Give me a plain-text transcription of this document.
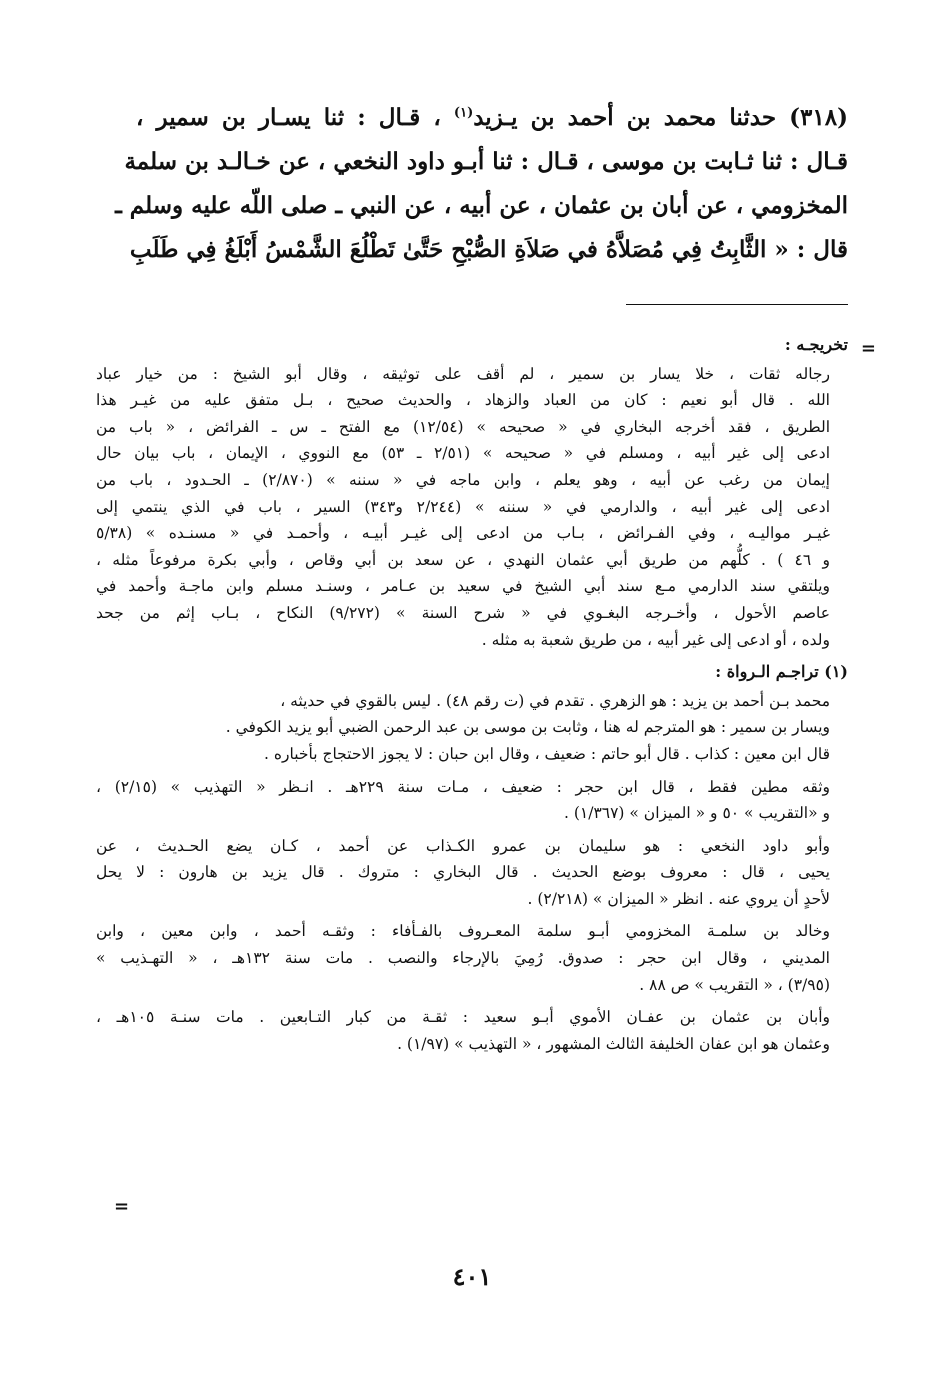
(٣١٨) حدثنا محمد بن أحمد بن يـزيد$^{(١)}$ ، قـال : ثنا يسـار بن سمير ،
قـال : ثنا ثـابت بن موسى ، قـال : ثنا أبـو داود النخعي ، عن خـالـد بن سلمة
المخزومي ، عن أبان بن عثمان ، عن أبيه ، عن النبي ـ صلى اللّه عليه وسلم ـ
قال : « الثَّابِتُ فِي مُصَلاَّهُ في صَلاَةِ الصُّبْحِ حَتَّىٰ تَطْلُعَ الشَّمْسُ أَبْلَغُ فِي طَلَبِ
=
تخريجـه :
رجاله ثقات ، خلا يسار بن سمير ، لم أقف على توثيقه ، وقال أبو الشيخ : من خيار عباد
الله . قال أبو نعيم : كان من العباد والزهاد ، والحديث صحيح ، بـل متفق عليه من غيـر هذا
الطريق ، فقد أخرجه البخاري في « صحيحه » (١٢/٥٤) مع الفتح ـ س ـ الفرائض ، « باب من
ادعى إلى غير أبيه ، ومسلم في « صحيحه » (٢/٥١ ـ ٥٣) مع النووي ، الإيمان ، باب بيان حال
إيمان من رغب عن أبيه ، وهو يعلم ، وابن ماجه في « سننه » (٢/٨٧٠) ـ الحـدود ، باب من
ادعى إلى غير أبيه ، والدارمي في « سننه » (٢/٢٤٤ و٣٤٣) السير ، باب في الذي ينتمي إلى
غيـر مواليـه ، وفي الفـرائض ، بـاب من ادعى إلى غيـر أبيـه ، وأحمـد في « مسنـده » (٥/٣٨
و ٤٦ ) . كلُّهم من طريق أبي عثمان النهدي ، عن سعد بن أبي وقاص ، وأبي بكرة مرفوعاً مثله ،
ويلتقي سند الدارمي مـع سند أبي الشيخ في سعيد بن عـامر ، وسنـد مسلم وابن ماجـة وأحمد في
عاصم الأحول ، وأخـرجه البغـوي في « شرح السنة » (٩/٢٧٢) النكاح ، بـاب إثم من جحد
ولده ، أو ادعى إلى غير أبيه ، من طريق شعبة به مثله .
(١) تراجـم الـرواة :
محمد بـن أحمد بن يزيد : هو الزهري . تقدم في (ت رقم ٤٨) . ليس بالقوي في حديثه ،
ويسار بن سمير : هو المترجم له هنا ، وثابت بن موسى بن عبد الرحمن الضبي أبو يزيد الكوفي .
قال ابن معين : كذاب . قال أبو حاتم : ضعيف ، وقال ابن حبان : لا يجوز الاحتجاج بأخباره .
وثقه مطين فقط ، قال ابن حجر : ضعيف ، مـات سنة ٢٢٩هـ . انـظر « التهذيب » (٢/١٥) ،
و «التقريب » ٥٠ و « الميزان » (١/٣٦٧) .
وأبو داود النخعي : هو سليمان بن عمرو الكـذاب عن أحمد ، كـان يضع الحـديث ، عن
يحيى ، قال : معروف بوضع الحديث . قال البخاري : متروك . قال يزيد بن هارون : لا يحل
لأحدٍ أن يروي عنه . انظر « الميزان » (٢/٢١٨) .
وخالد بن سلمـة المخزومي أبـو سلمة المعـروف بالفـأفاء : وثقـه أحمد ، وابن معين ، وابن
المديني ، وقال ابن حجر : صدوق. رُمِيَ بالإرجاء والنصب . مات سنة ١٣٢هـ ، « التهـذيب »
(٣/٩٥) ، « التقريب » ص ٨٨ .
وأبان بن عثمان بن عفـان الأموي أبـو سعيد : ثقـة من كبار التـابعين . مات سنـة ١٠٥هـ ،
وعثمان هو ابن عفان الخليفة الثالث المشهور ، « التهذيب » (١/٩٧) .
=
٤٠١
